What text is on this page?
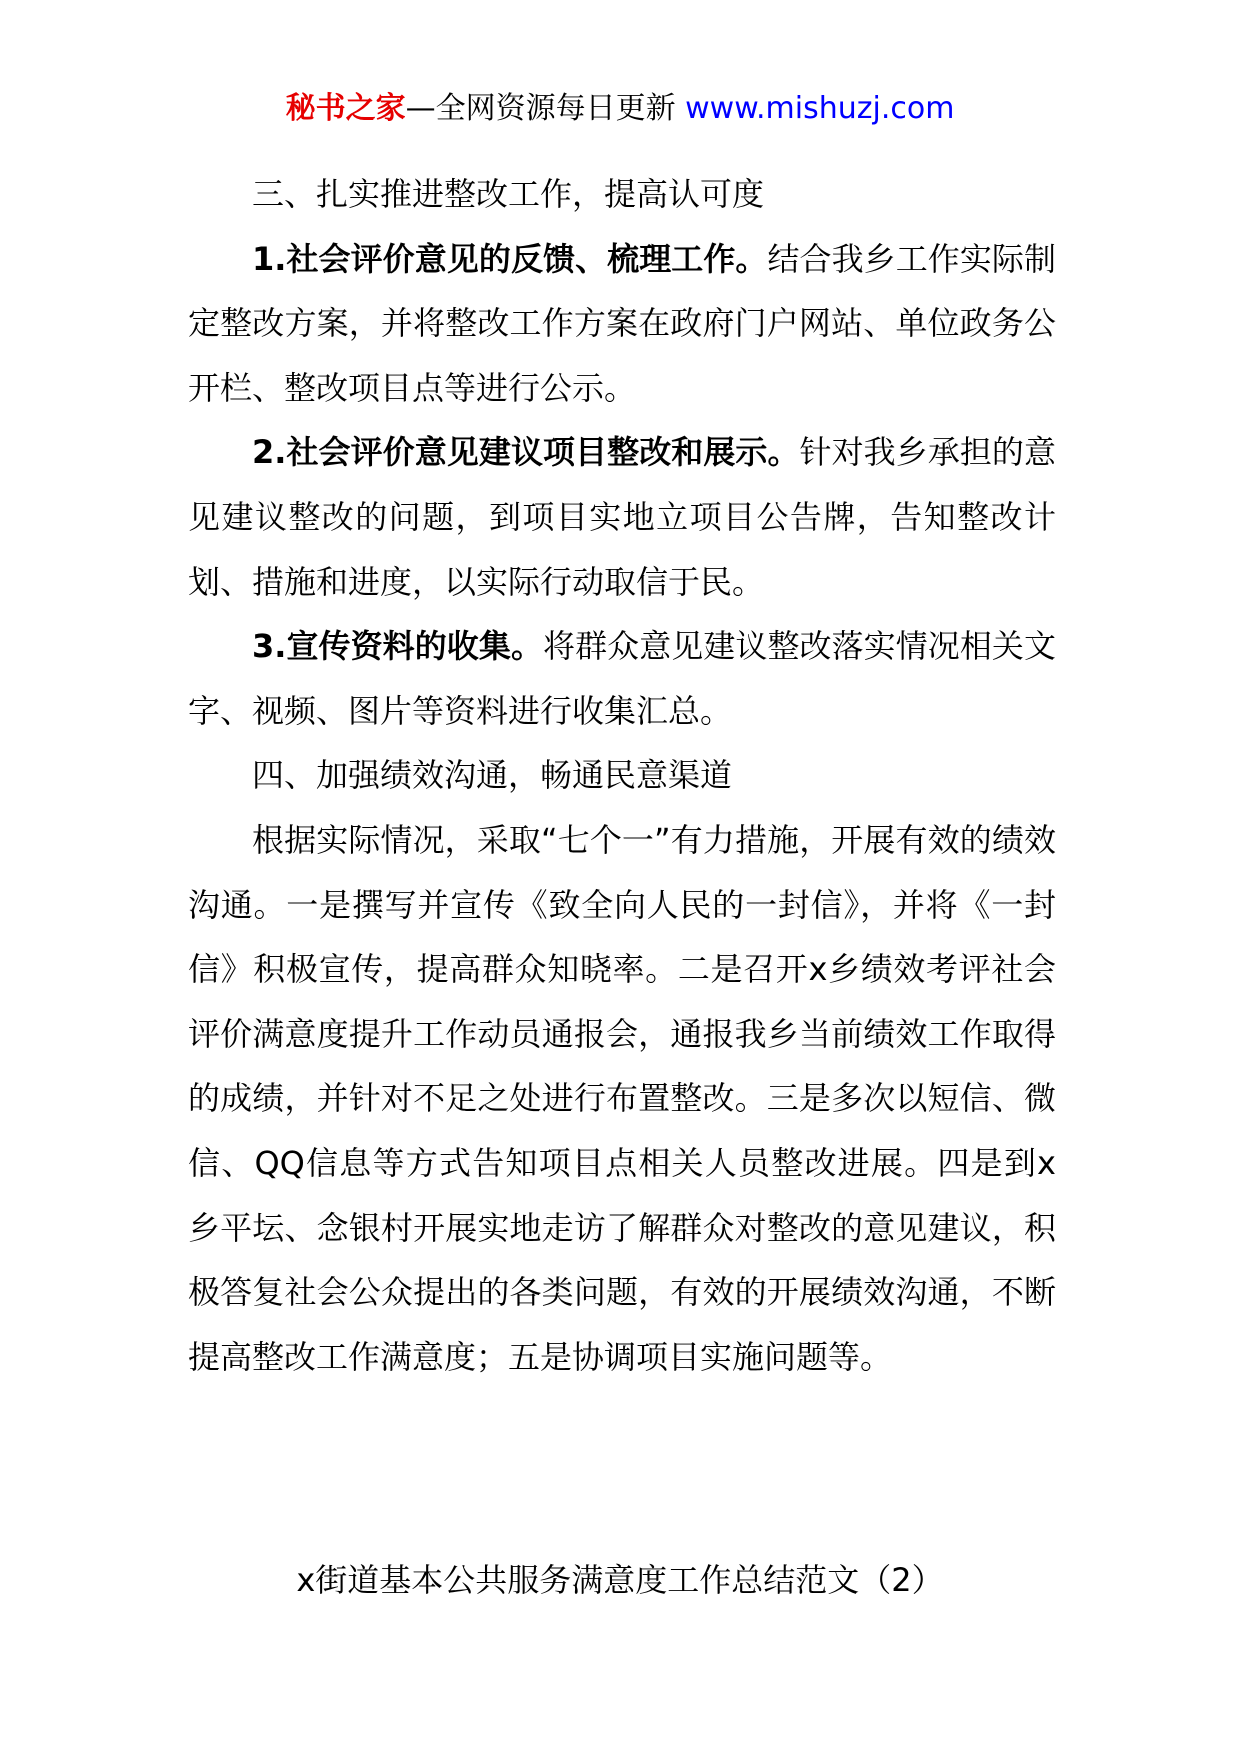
秘书之家—全网资源每日更新 www.mishuzj.com

三、扎实推进整改工作，提高认可度

1.社会评价意见的反馈、梳理工作。结合我乡工作实际制定整改方案，并将整改工作方案在政府门户网站、单位政务公开栏、整改项目点等进行公示。

2.社会评价意见建议项目整改和展示。针对我乡承担的意见建议整改的问题，到项目实地立项目公告牌，告知整改计划、措施和进度，以实际行动取信于民。

3.宣传资料的收集。将群众意见建议整改落实情况相关文字、视频、图片等资料进行收集汇总。

四、加强绩效沟通，畅通民意渠道

根据实际情况，采取“七个一”有力措施，开展有效的绩效沟通。一是撰写并宣传《致全向人民的一封信》，并将《一封信》积极宣传，提高群众知晓率。二是召开x乡绩效考评社会评价满意度提升工作动员通报会，通报我乡当前绩效工作取得的成绩，并针对不足之处进行布置整改。三是多次以短信、微信、QQ信息等方式告知项目点相关人员整改进展。四是到x乡平坛、念银村开展实地走访了解群众对整改的意见建议，积极答复社会公众提出的各类问题，有效的开展绩效沟通，不断提高整改工作满意度；五是协调项目实施问题等。

x街道基本公共服务满意度工作总结范文（2）
